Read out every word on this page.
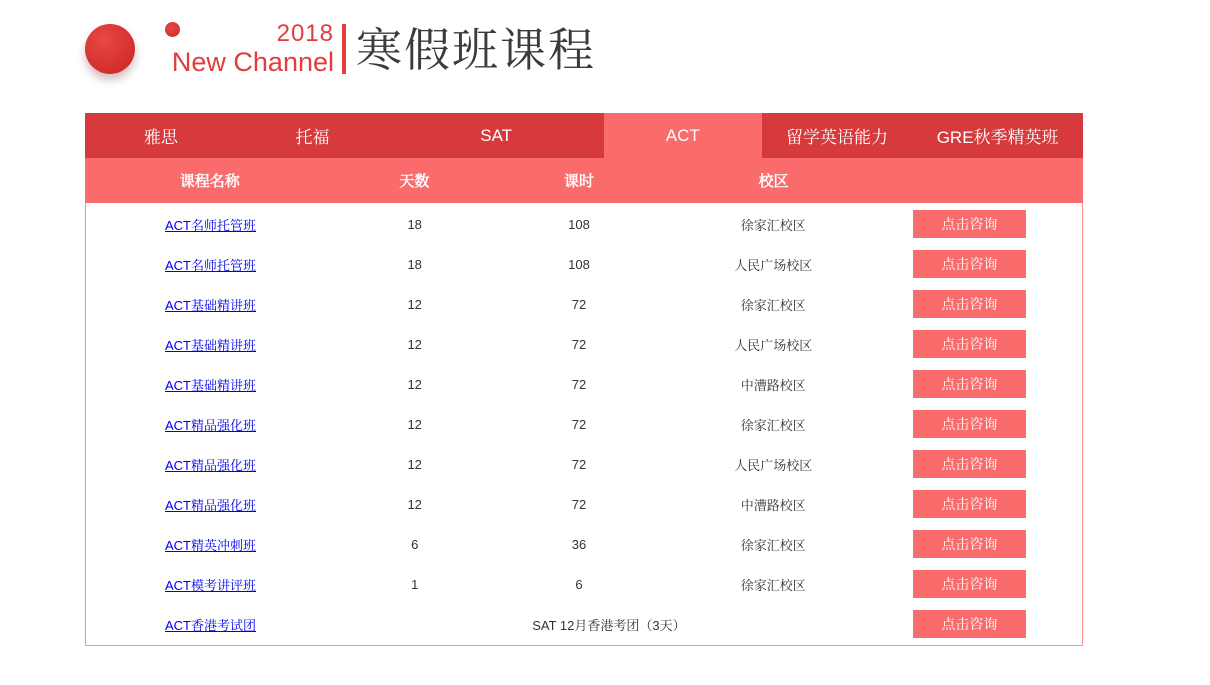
2018
New Channel 寒假班课程
雅思	托福	SAT	ACT	留学英语能力	GRE秋季精英班
课程名称	天数	课时	校区
ACT名师托管班	18	108	徐家汇校区	点击咨询
ACT名师托管班	18	108	人民广场校区	点击咨询
ACT基础精讲班	12	72	徐家汇校区	点击咨询
ACT基础精讲班	12	72	人民广场校区	点击咨询
ACT基础精讲班	12	72	中漕路校区	点击咨询
ACT精品强化班	12	72	徐家汇校区	点击咨询
ACT精品强化班	12	72	人民广场校区	点击咨询
ACT精品强化班	12	72	中漕路校区	点击咨询
ACT精英冲刺班	6	36	徐家汇校区	点击咨询
ACT模考讲评班	1	6	徐家汇校区	点击咨询
ACT香港考试团	SAT 12月香港考团（3天）	点击咨询
